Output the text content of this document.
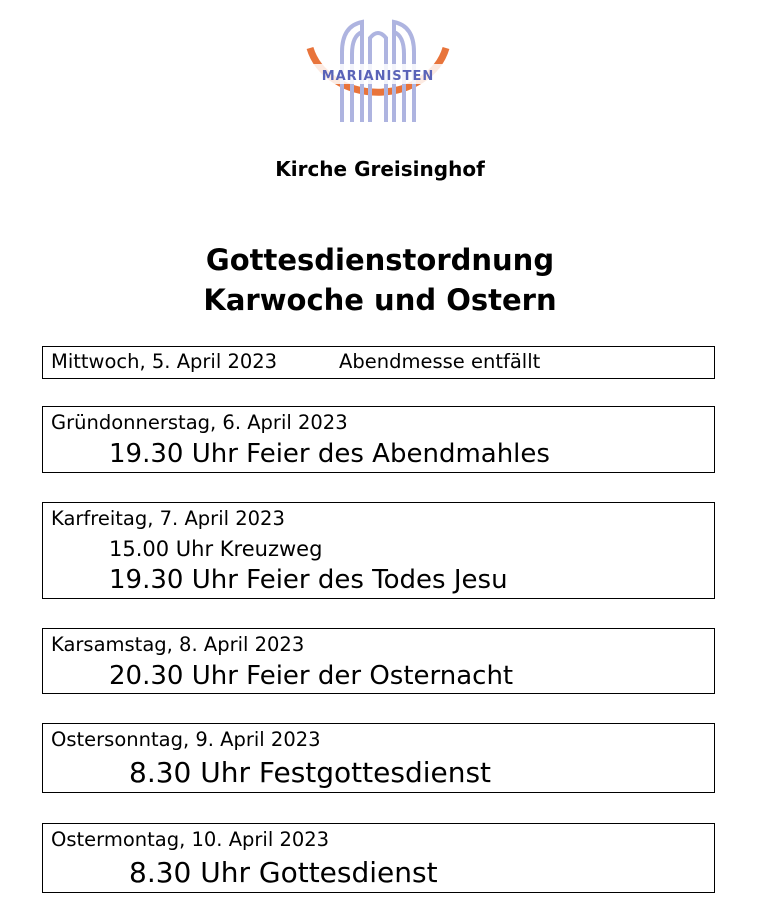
MARIANISTEN
Kirche Greisinghof
Gottesdienstordnung
Karwoche und Ostern
Mittwoch, 5. April 2023	Abendmesse entfällt
Gründonnerstag, 6. April 2023
19.30 Uhr Feier des Abendmahles
Karfreitag, 7. April 2023
15.00 Uhr Kreuzweg
19.30 Uhr Feier des Todes Jesu
Karsamstag, 8. April 2023
20.30 Uhr Feier der Osternacht
Ostersonntag, 9. April 2023
8.30 Uhr Festgottesdienst
Ostermontag, 10. April 2023
8.30 Uhr Gottesdienst
